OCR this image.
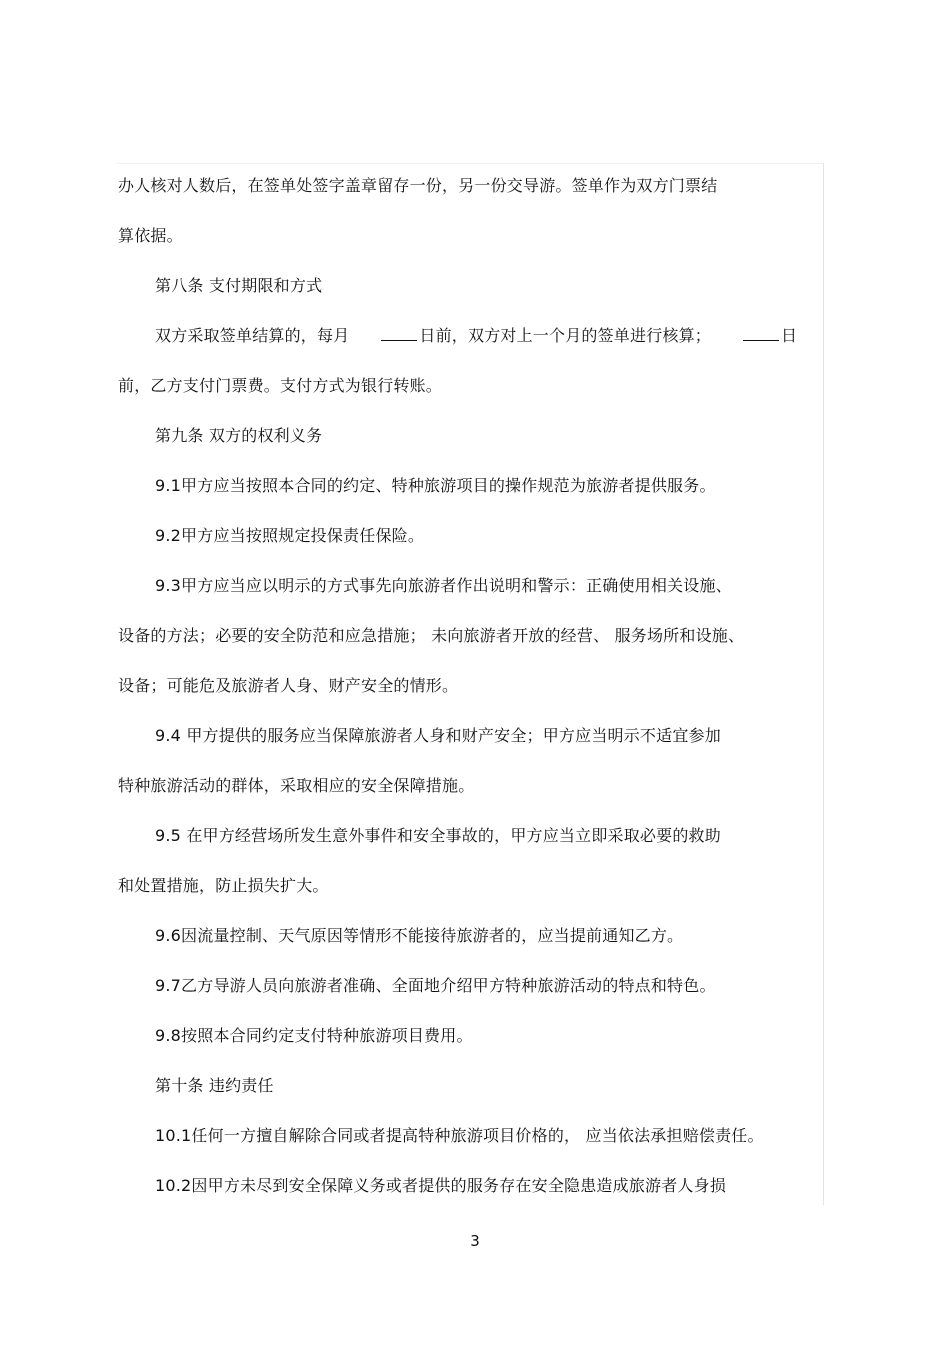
办人核对人数后，在签单处签字盖章留存一份，另一份交导游。签单作为双方门票结
算依据。
第八条 支付期限和方式
双方采取签单结算的，每月	日前，双方对上一个月的签单进行核算；	日
前，乙方支付门票费。支付方式为银行转账。
第九条 双方的权利义务
9.1甲方应当按照本合同的约定、特种旅游项目的操作规范为旅游者提供服务。
9.2甲方应当按照规定投保责任保险。
9.3甲方应当应以明示的方式事先向旅游者作出说明和警示：正确使用相关设施、
设备的方法；必要的安全防范和应急措施； 未向旅游者开放的经营、 服务场所和设施、
设备；可能危及旅游者人身、财产安全的情形。
9.4 甲方提供的服务应当保障旅游者人身和财产安全；甲方应当明示不适宜参加
特种旅游活动的群体，采取相应的安全保障措施。
9.5 在甲方经营场所发生意外事件和安全事故的，甲方应当立即采取必要的救助
和处置措施，防止损失扩大。
9.6因流量控制、天气原因等情形不能接待旅游者的，应当提前通知乙方。
9.7乙方导游人员向旅游者准确、全面地介绍甲方特种旅游活动的特点和特色。
9.8按照本合同约定支付特种旅游项目费用。
第十条 违约责任
10.1任何一方擅自解除合同或者提高特种旅游项目价格的， 应当依法承担赔偿责任。
10.2因甲方未尽到安全保障义务或者提供的服务存在安全隐患造成旅游者人身损
3
